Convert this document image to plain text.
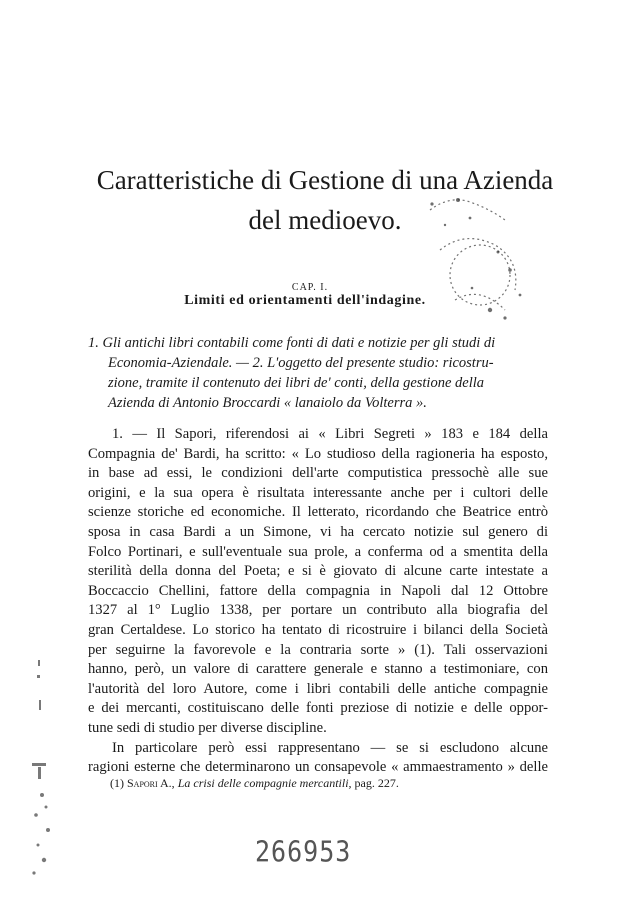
Caratteristiche di Gestione di una Azienda
del medioevo.
CAP. I.
Limiti ed orientamenti dell'indagine.
1. Gli antichi libri contabili come fonti di dati e notizie per gli studi di
Economia-Aziendale. — 2. L'oggetto del presente studio: ricostru-
zione, tramite il contenuto dei libri de' conti, della gestione della
Azienda di Antonio Broccardi « lanaiolo da Volterra ».
1. — Il Sapori, riferendosi ai « Libri Segreti » 183 e 184 della
Compagnia de' Bardi, ha scritto: « Lo studioso della ragioneria ha esposto,
in base ad essi, le condizioni dell'arte computistica pressochè alle sue
origini, e la sua opera è risultata interessante anche per i cultori delle
scienze storiche ed economiche. Il letterato, ricordando che Beatrice entrò
sposa in casa Bardi a un Simone, vi ha cercato notizie sul genero di
Folco Portinari, e sull'eventuale sua prole, a conferma od a smentita della
sterilità della donna del Poeta; e si è giovato di alcune carte intestate a
Boccaccio Chellini, fattore della compagnia in Napoli dal 12 Ottobre
1327 al 1° Luglio 1338, per portare un contributo alla biografia del
gran Certaldese. Lo storico ha tentato di ricostruire i bilanci della Società
per seguirne la favorevole e la contraria sorte » (1). Tali osservazioni
hanno, però, un valore di carattere generale e stanno a testimoniare, con
l'autorità del loro Autore, come i libri contabili delle antiche compagnie
e dei mercanti, costituiscano delle fonti preziose di notizie e delle oppor-
tune sedi di studio per diverse discipline.
In particolare però essi rappresentano — se si escludono alcune
ragioni esterne che determinarono un consapevole « ammaestramento » delle
(1) Sapori A., La crisi delle compagnie mercantili, pag. 227.
266953
